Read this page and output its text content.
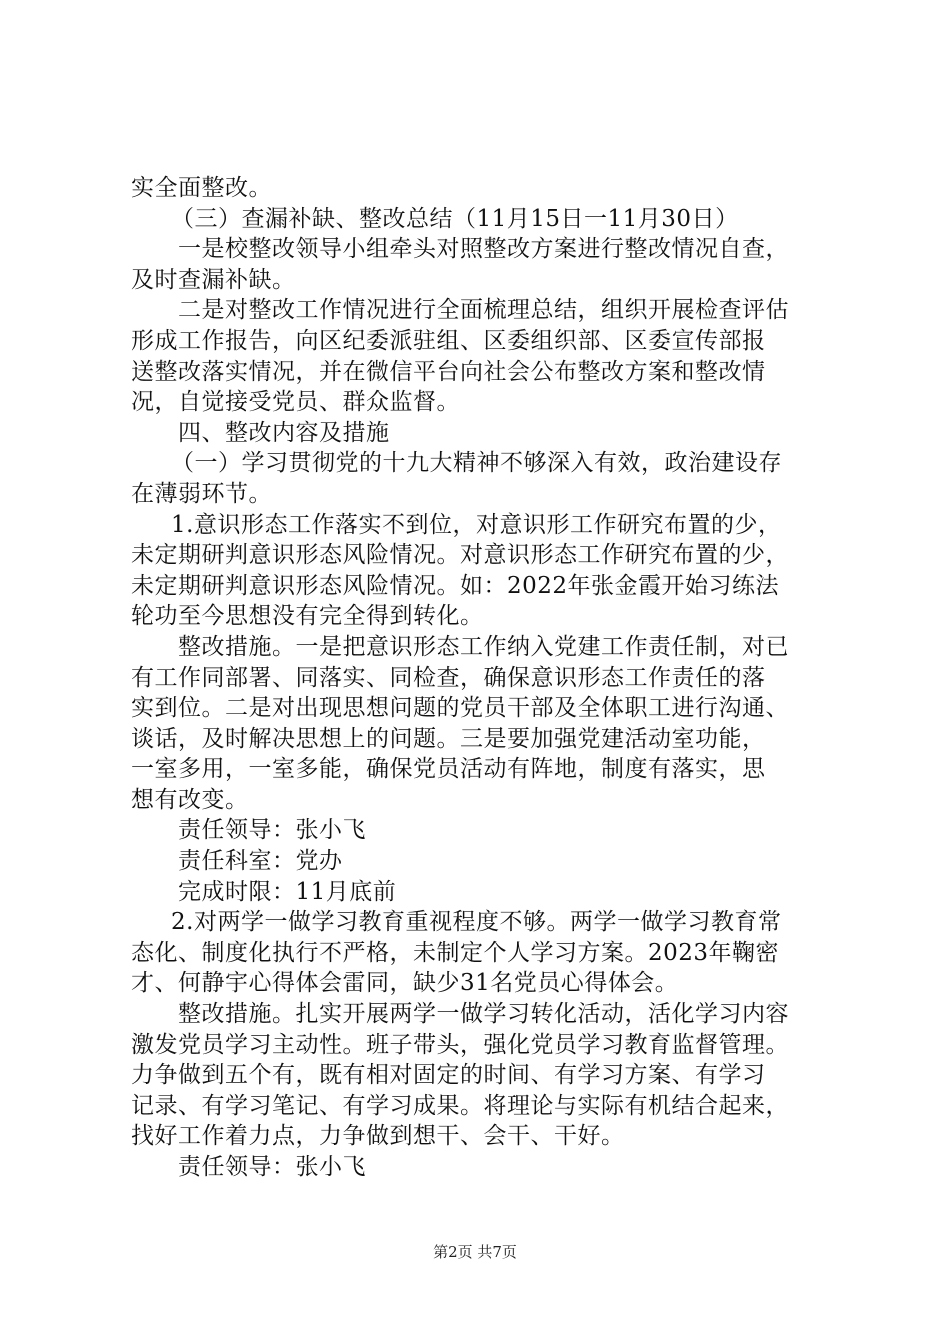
实全面整改。
（三）查漏补缺、整改总结（11月15日一11月30日）
一是校整改领导小组牵头对照整改方案进行整改情况自查，
及时查漏补缺。
二是对整改工作情况进行全面梳理总结，组织开展检查评估
形成工作报告，向区纪委派驻组、区委组织部、区委宣传部报
送整改落实情况，并在微信平台向社会公布整改方案和整改情
况，自觉接受党员、群众监督。
四、整改内容及措施
（一）学习贯彻党的十九大精神不够深入有效，政治建设存
在薄弱环节。
1.意识形态工作落实不到位，对意识形工作研究布置的少，
未定期研判意识形态风险情况。对意识形态工作研究布置的少，
未定期研判意识形态风险情况。如：2022年张金霞开始习练法
轮功至今思想没有完全得到转化。
整改措施。一是把意识形态工作纳入党建工作责任制，对已
有工作同部署、同落实、同检查，确保意识形态工作责任的落
实到位。二是对出现思想问题的党员干部及全体职工进行沟通、
谈话，及时解决思想上的问题。三是要加强党建活动室功能，
一室多用，一室多能，确保党员活动有阵地，制度有落实，思
想有改变。
责任领导：张小飞
责任科室：党办
完成时限：11月底前
2.对两学一做学习教育重视程度不够。两学一做学习教育常
态化、制度化执行不严格，未制定个人学习方案。2023年鞠密
才、何静宇心得体会雷同，缺少31名党员心得体会。
整改措施。扎实开展两学一做学习转化活动，活化学习内容
激发党员学习主动性。班子带头，强化党员学习教育监督管理。
力争做到五个有，既有相对固定的时间、有学习方案、有学习
记录、有学习笔记、有学习成果。将理论与实际有机结合起来，
找好工作着力点，力争做到想干、会干、干好。
责任领导：张小飞
第2页 共7页
